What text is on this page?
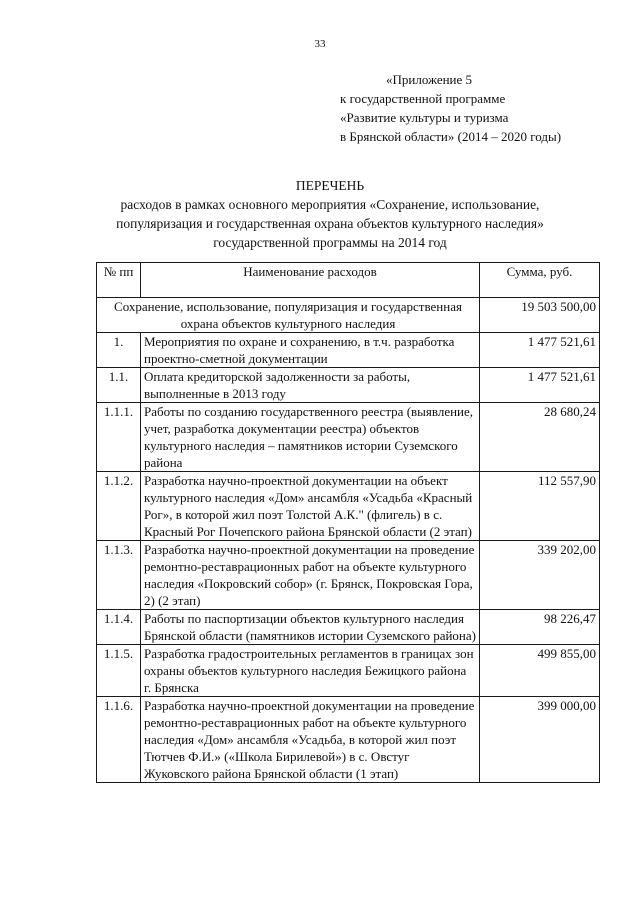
33
«Приложение 5
к государственной программе
«Развитие культуры и туризма
в Брянской области» (2014 – 2020 годы)
ПЕРЕЧЕНЬ
расходов в рамках основного мероприятия «Сохранение, использование,
популяризация и государственная охрана объектов культурного наследия»
государственной программы на 2014 год
№ пп	Наименование расходов	Сумма, руб.
Сохранение, использование, популяризация и государственная охрана объектов культурного наследия		19 503 500,00
1.	Мероприятия по охране и сохранению, в т.ч. разработка проектно-сметной документации	1 477 521,61
1.1.	Оплата кредиторской задолженности за работы, выполненные в 2013 году	1 477 521,61
1.1.1.	Работы по созданию государственного реестра (выявление, учет, разработка документации реестра) объектов культурного наследия – памятников истории Суземского района	28 680,24
1.1.2.	Разработка научно-проектной документации на объект культурного наследия «Дом» ансамбля «Усадьба «Красный Рог», в которой жил поэт Толстой А.К." (флигель) в с. Красный Рог Почепского района Брянской области (2 этап)	112 557,90
1.1.3.	Разработка научно-проектной документации на проведение ремонтно-реставрационных работ на объекте культурного наследия «Покровский собор» (г. Брянск, Покровская Гора, 2) (2 этап)	339 202,00
1.1.4.	Работы по паспортизации объектов культурного наследия Брянской области (памятников истории Суземского района)	98 226,47
1.1.5.	Разработка градостроительных регламентов в границах зон охраны объектов культурного наследия Бежицкого района г. Брянска	499 855,00
1.1.6.	Разработка научно-проектной документации на проведение ремонтно-реставрационных работ на объекте культурного наследия «Дом» ансамбля «Усадьба, в которой жил поэт Тютчев Ф.И.» («Школа Бирилевой») в с. Овстуг Жуковского района Брянской области (1 этап)	399 000,00
